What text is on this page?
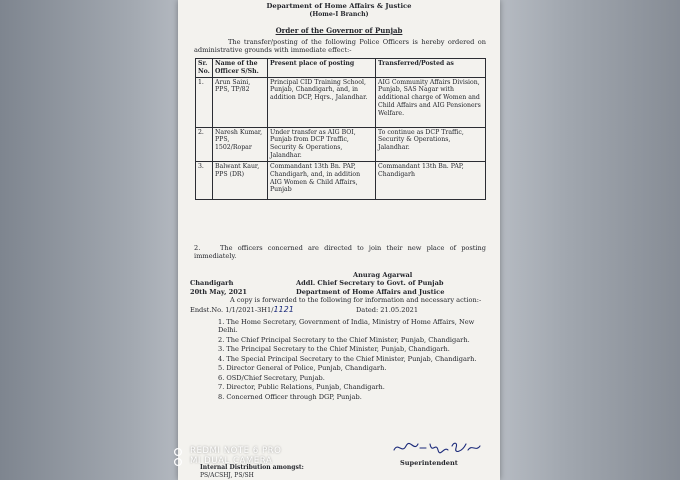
Department of Home Affairs & Justice
(Home-I Branch)
Order of the Governor of Punjab
The transfer/posting of the following Police Officers is hereby ordered on administrative grounds with immediate effect:-
Sr. No.	Name of the Officer S/Sh.	Present place of posting	Transferred/Posted as
1.	Arun Saini, PPS, TP/82	Principal CID Training School, Punjab, Chandigarh, and, in addition DCP, Hqrs., Jalandhar.	AIG Community Affairs Division, Punjab, SAS Nagar with additional charge of Women and Child Affairs and AIG Pensioners Welfare.
2.	Naresh Kumar, PPS, 1502/Ropar	Under transfer as AIG BOI, Punjab from DCP Traffic, Security & Operations, Jalandhar.	To continue as DCP Traffic, Security & Operations, Jalandhar.
3.	Balwant Kaur, PPS (DR)	Commandant 13th Bn. PAP, Chandigarh, and, in addition AIG Women & Child Affairs, Punjab	Commandant 13th Bn. PAP, Chandigarh
2.	The officers concerned are directed to join their new place of posting immediately.
Anurag Agarwal
Chandigarh	Addl. Chief Secretary to Govt. of Punjab
20th May, 2021	Department of Home Affairs and Justice
Endst.No. 1/1/2021-3H1/1121	Dated: 21.05.2021
A copy is forwarded to the following for information and necessary action:-
1. The Home Secretary, Government of India, Ministry of Home Affairs, New Delhi.
2. The Chief Principal Secretary to the Chief Minister, Punjab, Chandigarh.
3. The Principal Secretary to the Chief Minister, Punjab, Chandigarh.
4. The Special Principal Secretary to the Chief Minister, Punjab, Chandigarh.
5. Director General of Police, Punjab, Chandigarh.
6. OSD/Chief Secretary, Punjab.
7. Director, Public Relations, Punjab, Chandigarh.
8. Concerned Officer through DGP, Punjab.
Superintendent
Internal Distribution amongst:
PS/ACSHJ, PS/SH
REDMI NOTE 6 PRO
MI DUAL CAMERA
